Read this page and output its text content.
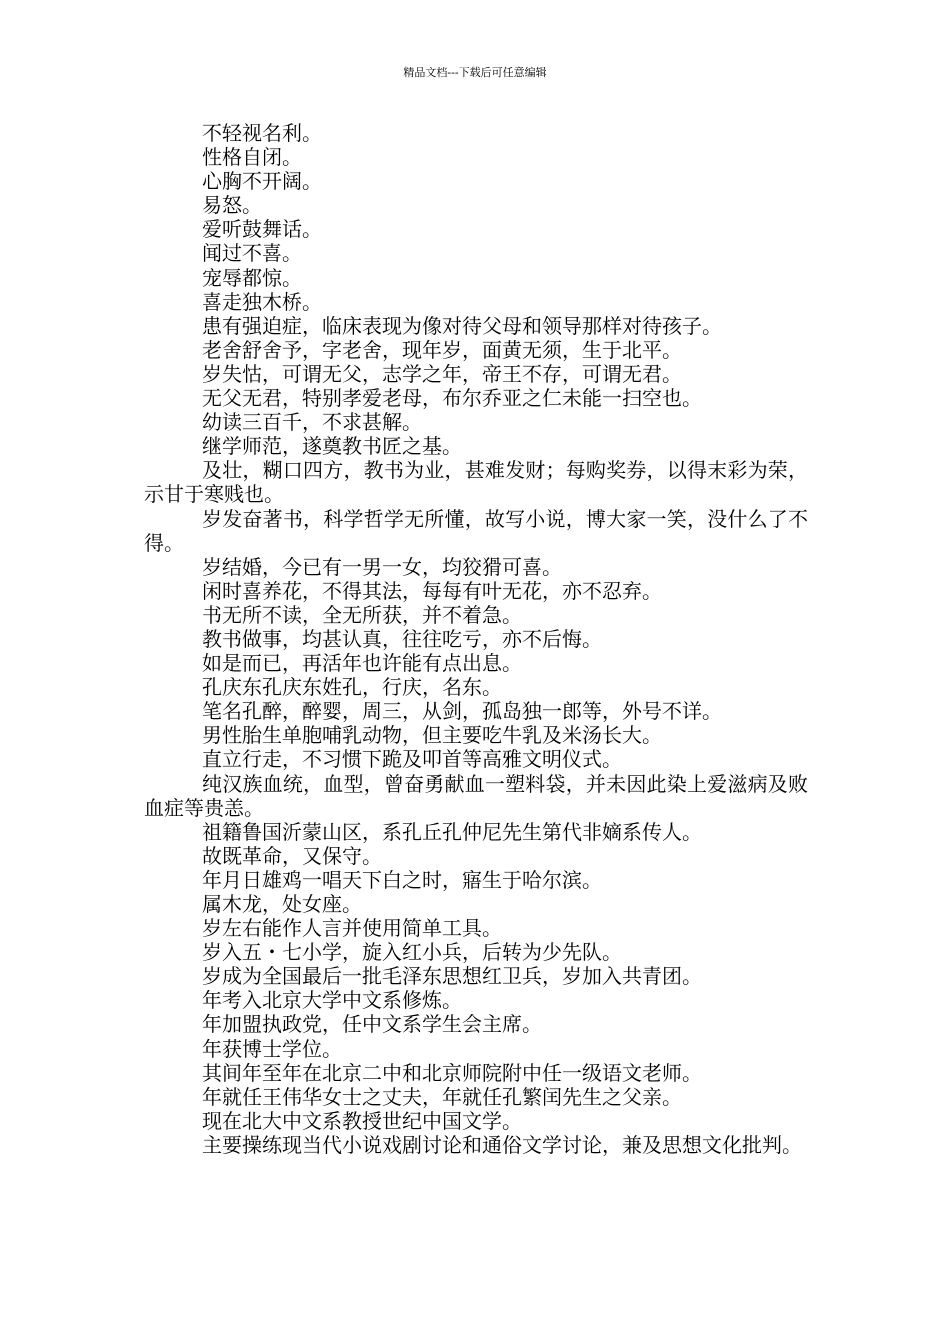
精品文档---下载后可任意编辑

不轻视名利。

性格自闭。

心胸不开阔。

易怒。

爱听鼓舞话。

闻过不喜。

宠辱都惊。

喜走独木桥。

患有强迫症，临床表现为像对待父母和领导那样对待孩子。

老舍舒舍予，字老舍，现年岁，面黄无须，生于北平。

岁失怙，可谓无父，志学之年，帝王不存，可谓无君。

无父无君，特别孝爱老母，布尔乔亚之仁未能一扫空也。

幼读三百千，不求甚解。

继学师范，遂奠教书匠之基。

及壮，糊口四方，教书为业，甚难发财；每购奖券，以得末彩为荣，示甘于寒贱也。

岁发奋著书，科学哲学无所懂，故写小说，博大家一笑，没什么了不得。

岁结婚，今已有一男一女，均狡猾可喜。

闲时喜养花，不得其法，每每有叶无花，亦不忍弃。

书无所不读，全无所获，并不着急。

教书做事，均甚认真，往往吃亏，亦不后悔。

如是而已，再活年也许能有点出息。

孔庆东孔庆东姓孔，行庆，名东。

笔名孔醉，醉婴，周三，从剑，孤岛独一郎等，外号不详。

男性胎生单胞哺乳动物，但主要吃牛乳及米汤长大。

直立行走，不习惯下跪及叩首等高雅文明仪式。

纯汉族血统，血型，曾奋勇献血一塑料袋，并未因此染上爱滋病及败血症等贵恙。

祖籍鲁国沂蒙山区，系孔丘孔仲尼先生第代非嫡系传人。

故既革命，又保守。

年月日雄鸡一唱天下白之时，寤生于哈尔滨。

属木龙，处女座。

岁左右能作人言并使用简单工具。

岁入五・七小学，旋入红小兵，后转为少先队。

岁成为全国最后一批毛泽东思想红卫兵，岁加入共青团。

年考入北京大学中文系修炼。

年加盟执政党，任中文系学生会主席。

年获博士学位。

其间年至年在北京二中和北京师院附中任一级语文老师。

年就任王伟华女士之丈夫，年就任孔繁闰先生之父亲。

现在北大中文系教授世纪中国文学。

主要操练现当代小说戏剧讨论和通俗文学讨论，兼及思想文化批判。
